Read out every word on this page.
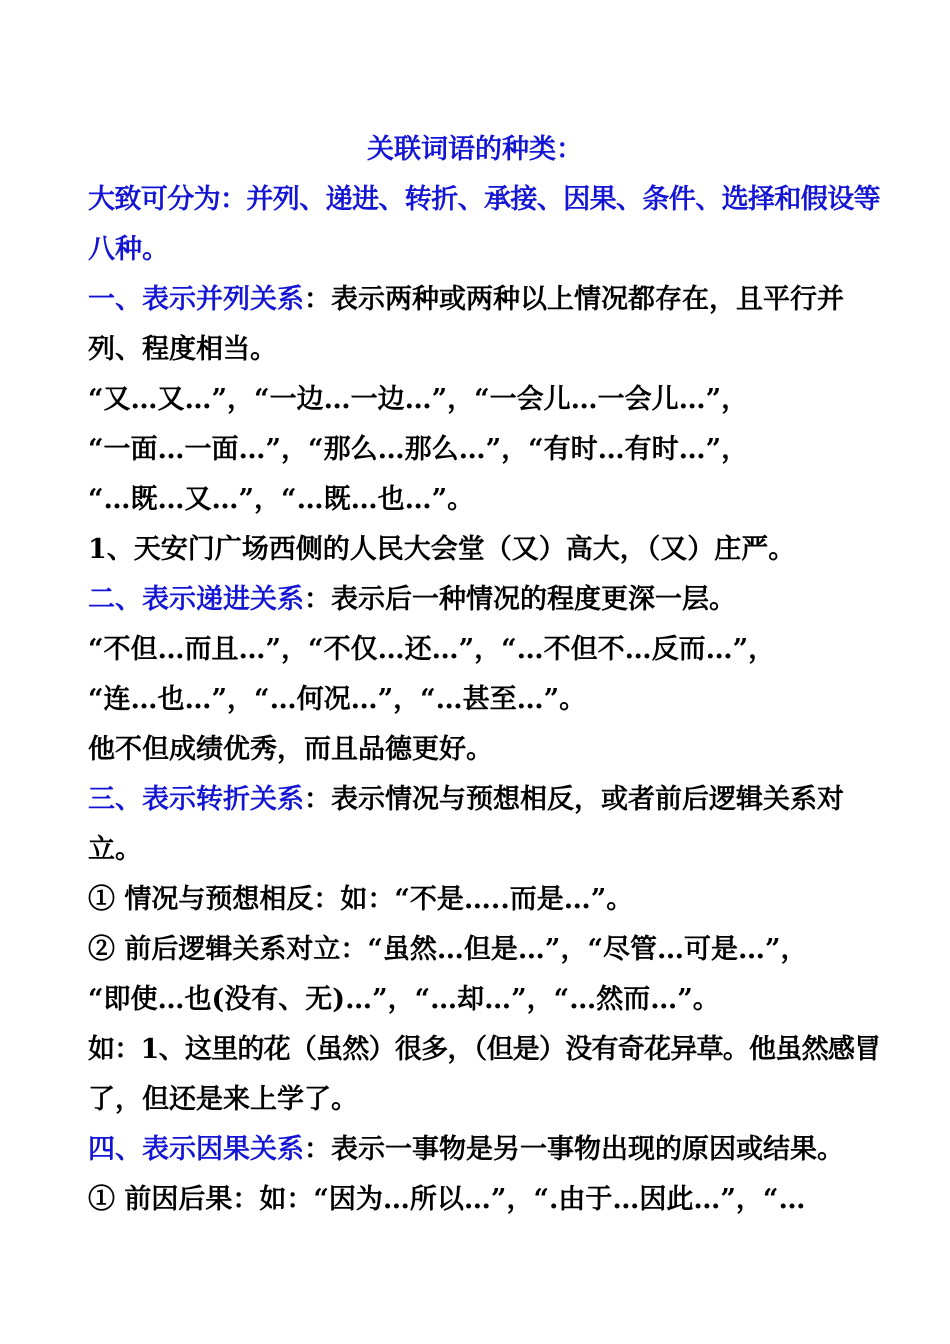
关联词语的种类：
大致可分为：并列、递进、转折、承接、因果、条件、选择和假设等
八种。
一、表示并列关系：表示两种或两种以上情况都存在，且平行并
列、程度相当。
“又…又…”，“一边…一边…”，“一会儿…一会儿…”，
“一面…一面…”，“那么…那么…”，“有时…有时…”，
“…既…又…”，“…既…也…”。
1、天安门广场西侧的人民大会堂（又）高大，（又）庄严。
二、表示递进关系：表示后一种情况的程度更深一层。
“不但…而且…”，“不仅…还…”，“…不但不…反而…”，
“连…也…”，“…何况…”，“…甚至…”。
他不但成绩优秀，而且品德更好。
三、表示转折关系：表示情况与预想相反，或者前后逻辑关系对
立。
① 情况与预想相反：如：“不是…..而是…”。
② 前后逻辑关系对立：“虽然…但是…”，“尽管…可是…”，
“即使…也(没有、无)…”，“…却…”，“…然而…”。
如：1、这里的花（虽然）很多，（但是）没有奇花异草。他虽然感冒
了，但还是来上学了。
四、表示因果关系：表示一事物是另一事物出现的原因或结果。
① 前因后果：如：“因为…所以…”，“.由于…因此…”，“…
